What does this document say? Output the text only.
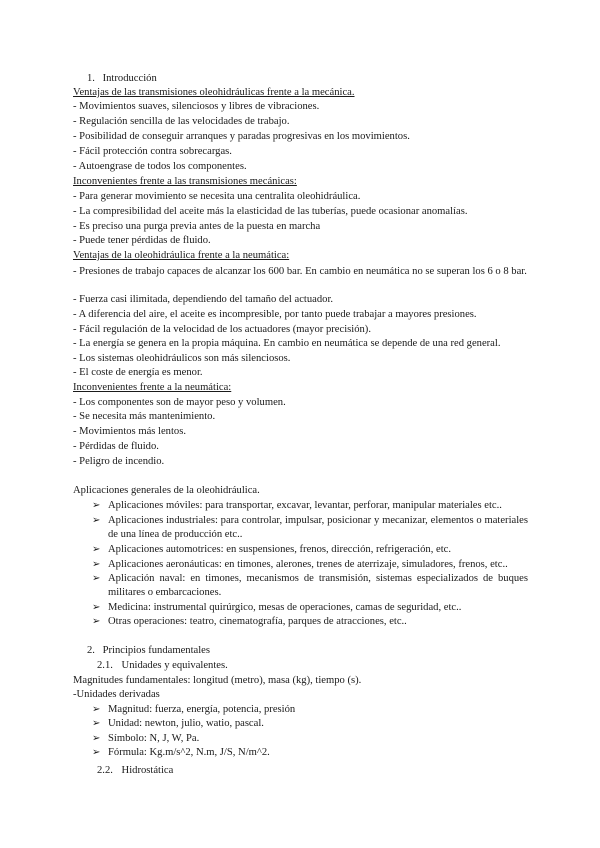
1. Introducción
Ventajas de las transmisiones oleohidráulicas frente a la mecánica.
- Movimientos suaves, silenciosos y libres de vibraciones.
- Regulación sencilla de las velocidades de trabajo.
- Posibilidad de conseguir arranques y paradas progresivas en los movimientos.
- Fácil protección contra sobrecargas.
- Autoengrase de todos los componentes.
Inconvenientes frente a las transmisiones mecánicas:
- Para generar movimiento se necesita una centralita oleohidráulica.
- La compresibilidad del aceite más la elasticidad de las tuberías, puede ocasionar anomalías.
- Es preciso una purga previa antes de la puesta en marcha
- Puede tener pérdidas de fluido.
Ventajas de la oleohidráulica frente a la neumática:
- Presiones de trabajo capaces de alcanzar los 600 bar. En cambio en neumática no se superan los 6 o 8 bar.
- Fuerza casi ilimitada, dependiendo del tamaño del actuador.
- A diferencia del aire, el aceite es incompresible, por tanto puede trabajar a mayores presiones.
- Fácil regulación de la velocidad de los actuadores (mayor precisión).
- La energía se genera en la propia máquina. En cambio en neumática se depende de una red general.
- Los sistemas oleohidráulicos son más silenciosos.
- El coste de energía es menor.
Inconvenientes frente a la neumática:
- Los componentes son de mayor peso y volumen.
- Se necesita más mantenimiento.
- Movimientos más lentos.
- Pérdidas de fluido.
- Peligro de incendio.
Aplicaciones generales de la oleohidráulica.
➢ Aplicaciones móviles: para transportar, excavar, levantar, perforar, manipular materiales etc..
➢ Aplicaciones industriales: para controlar, impulsar, posicionar y mecanizar, elementos o materiales de una línea de producción etc..
➢ Aplicaciones automotrices: en suspensiones, frenos, dirección, refrigeración, etc.
➢ Aplicaciones aeronáuticas: en timones, alerones, trenes de aterrizaje, simuladores, frenos, etc..
➢ Aplicación naval: en timones, mecanismos de transmisión, sistemas especializados de buques militares o embarcaciones.
➢ Medicina: instrumental quirúrgico, mesas de operaciones, camas de seguridad, etc..
➢ Otras operaciones: teatro, cinematografía, parques de atracciones, etc..
2. Principios fundamentales
2.1. Unidades y equivalentes.
Magnitudes fundamentales: longitud (metro), masa (kg), tiempo (s).
-Unidades derivadas
➢ Magnitud: fuerza, energía, potencia, presión
➢ Unidad: newton, julio, watio, pascal.
➢ Símbolo: N, J, W, Pa.
➢ Fórmula: Kg.m/s^2, N.m, J/S, N/m^2.
2.2. Hidrostática
